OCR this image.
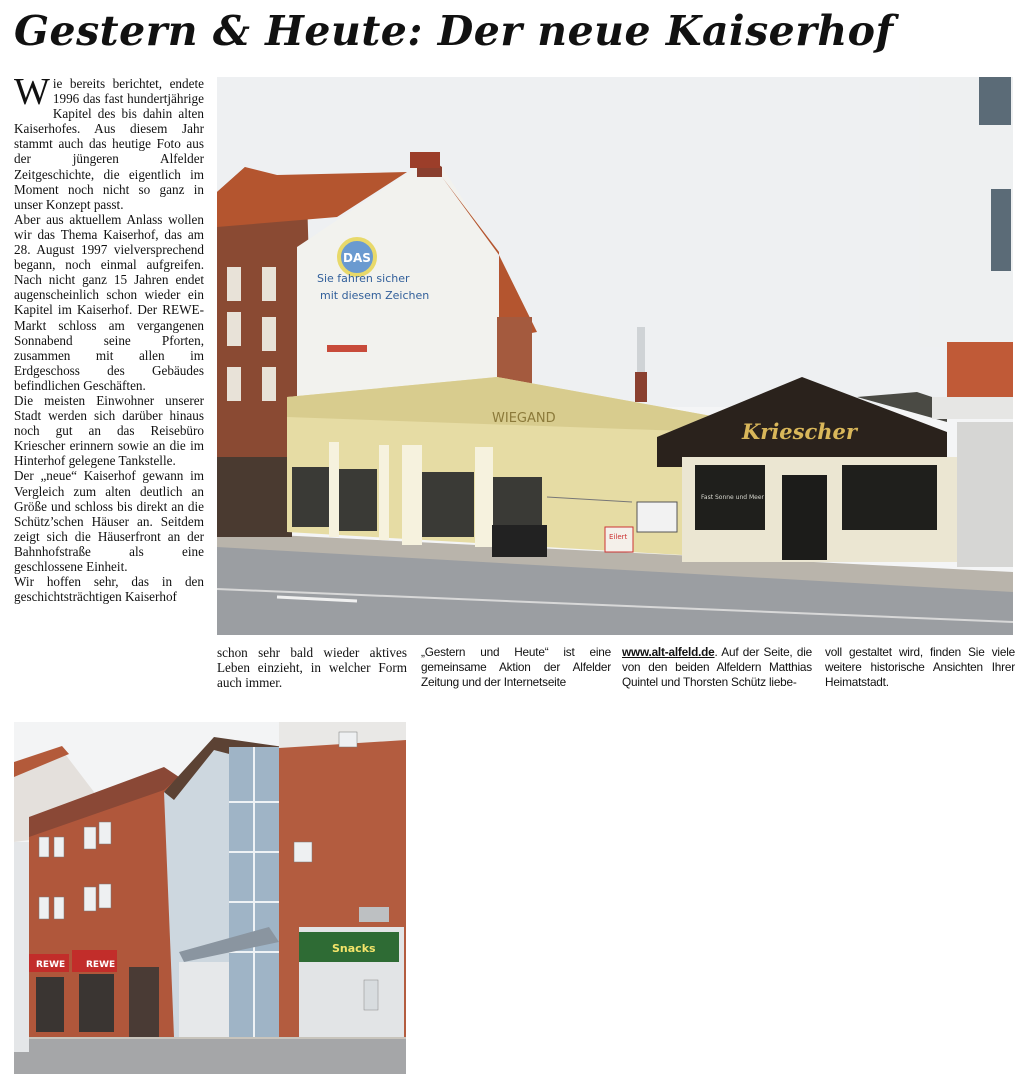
Gestern & Heute: Der neue Kaiserhof

Wie bereits berichtet, endete 1996 das fast hundertjährige Kapitel des bis dahin alten Kaiserhofes. Aus diesem Jahr stammt auch das heutige Foto aus der jüngeren Alfelder Zeitgeschichte, die eigentlich im Moment noch nicht so ganz in unser Konzept passt.

Aber aus aktuellem Anlass wollen wir das Thema Kaiserhof, das am 28. August 1997 vielversprechend begann, noch einmal aufgreifen. Nach nicht ganz 15 Jahren endet augenscheinlich schon wieder ein Kapitel im Kaiserhof. Der REWE-Markt schloss am vergangenen Sonnabend seine Pforten, zusammen mit allen im Erdgeschoss des Gebäudes befindlichen Geschäften.

Die meisten Einwohner unserer Stadt werden sich darüber hinaus noch gut an das Reisebüro Kriescher erinnern sowie an die im Hinterhof gelegene Tankstelle.

Der „neue“ Kaiserhof gewann im Vergleich zum alten deutlich an Größe und schloss bis direkt an die Schütz’schen Häuser an. Seitdem zeigt sich die Häuserfront an der Bahnhofstraße als eine geschlossene Einheit.

Wir hoffen sehr, das in den geschichtsträchtigen Kaiserhof

schon sehr bald wieder aktives Leben einzieht, in welcher Form auch immer.
„Gestern und Heute“ ist eine gemeinsame Aktion der Alfelder Zeitung und der Internetseite
www.alt-alfeld.de. Auf der Seite, die von den beiden Alfeldern Matthias Quintel und Thorsten Schütz liebe-
voll gestaltet wird, finden Sie viele weitere historische Ansichten Ihrer Heimatstadt.
DAS
Sie fahren sicher
mit diesem Zeichen
WIEGAND
Eilert
Kriescher
Fast Sonne und Meer
REWE REWE
Snacks
